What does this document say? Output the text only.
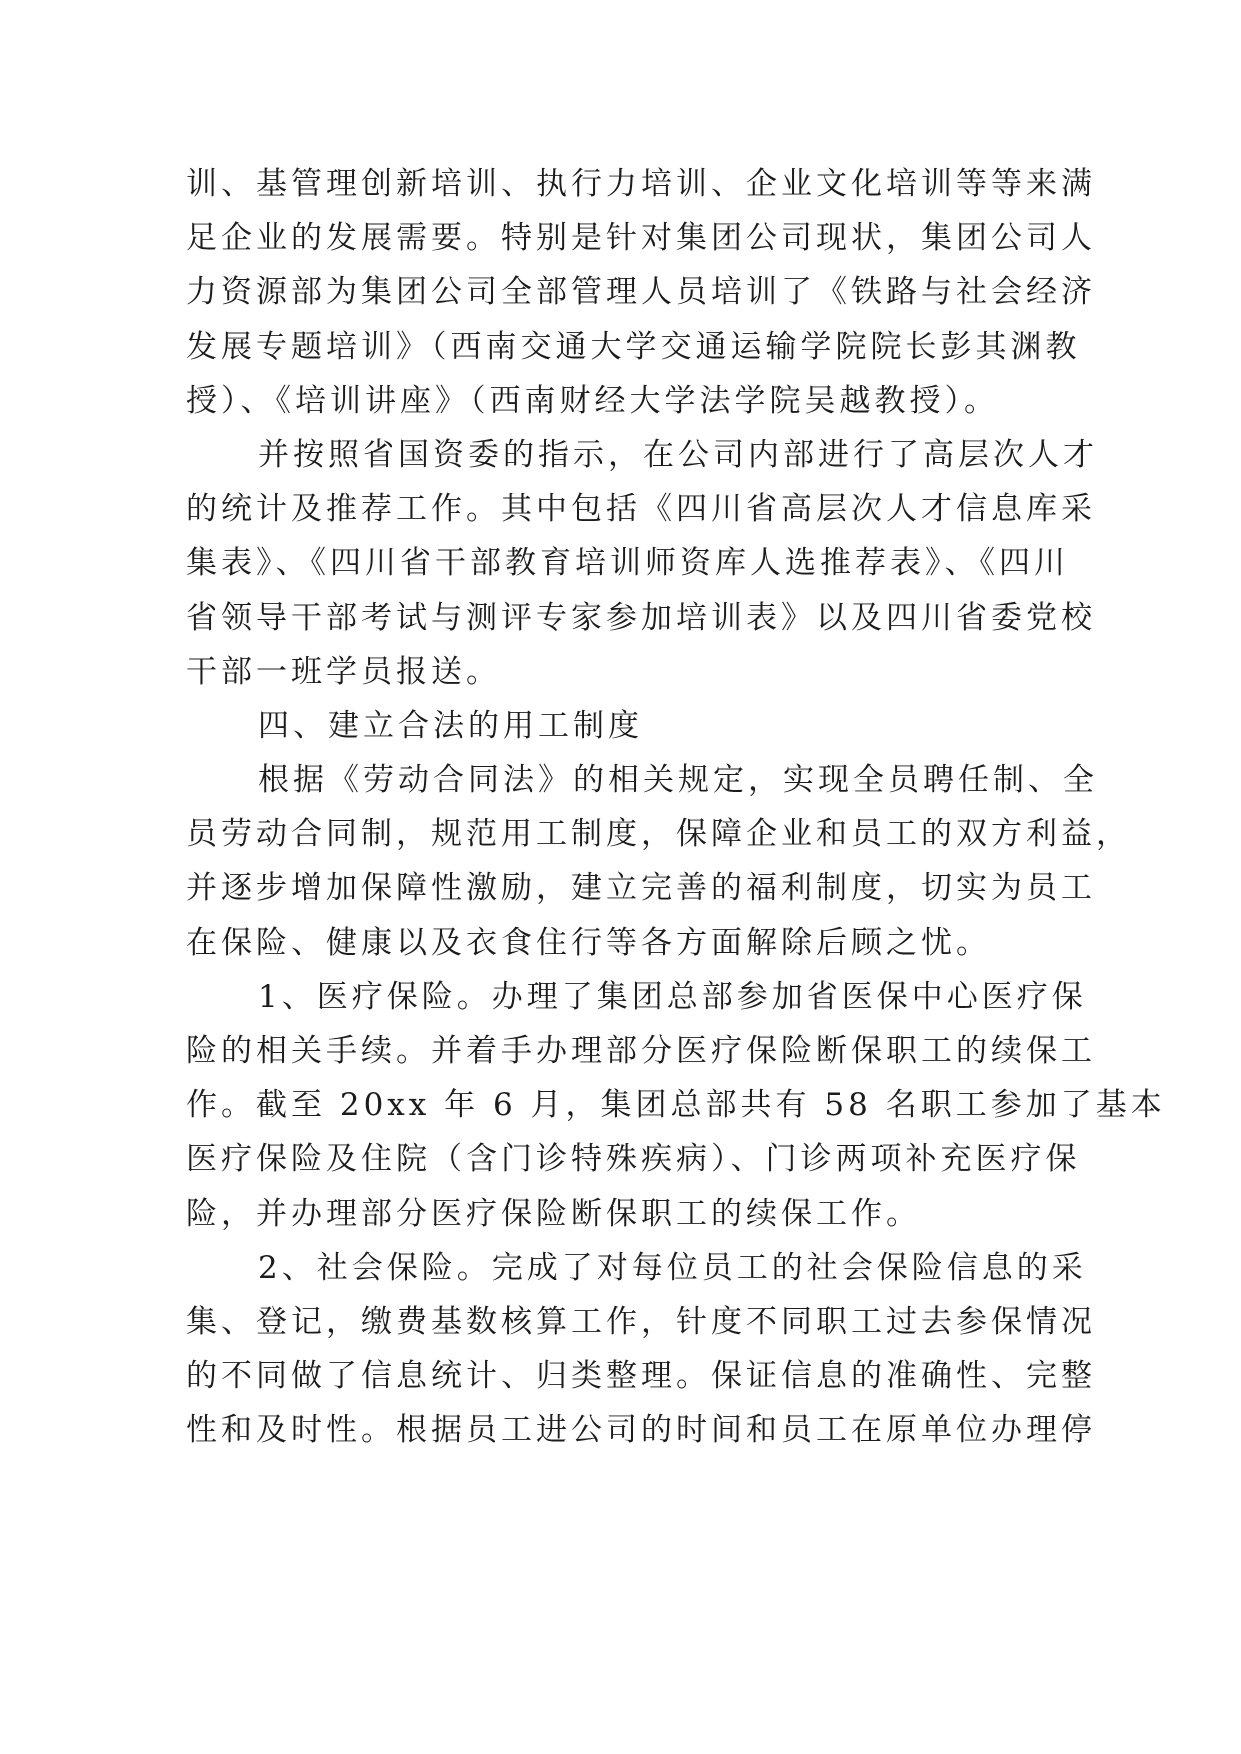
训、基管理创新培训、执行力培训、企业文化培训等等来满
足企业的发展需要。特别是针对集团公司现状，集团公司人
力资源部为集团公司全部管理人员培训了《铁路与社会经济
发展专题培训》（西南交通大学交通运输学院院长彭其渊教
授）、《培训讲座》（西南财经大学法学院吴越教授）。
并按照省国资委的指示，在公司内部进行了高层次人才
的统计及推荐工作。其中包括《四川省高层次人才信息库采
集表》、《四川省干部教育培训师资库人选推荐表》、《四川
省领导干部考试与测评专家参加培训表》以及四川省委党校
干部一班学员报送。
四、建立合法的用工制度
根据《劳动合同法》的相关规定，实现全员聘任制、全
员劳动合同制，规范用工制度，保障企业和员工的双方利益，
并逐步增加保障性激励，建立完善的福利制度，切实为员工
在保险、健康以及衣食住行等各方面解除后顾之忧。
1、医疗保险。办理了集团总部参加省医保中心医疗保
险的相关手续。并着手办理部分医疗保险断保职工的续保工
作。截至 20xx 年 6 月，集团总部共有 58 名职工参加了基本
医疗保险及住院（含门诊特殊疾病）、门诊两项补充医疗保
险，并办理部分医疗保险断保职工的续保工作。
2、社会保险。完成了对每位员工的社会保险信息的采
集、登记，缴费基数核算工作，针度不同职工过去参保情况
的不同做了信息统计、归类整理。保证信息的准确性、完整
性和及时性。根据员工进公司的时间和员工在原单位办理停
